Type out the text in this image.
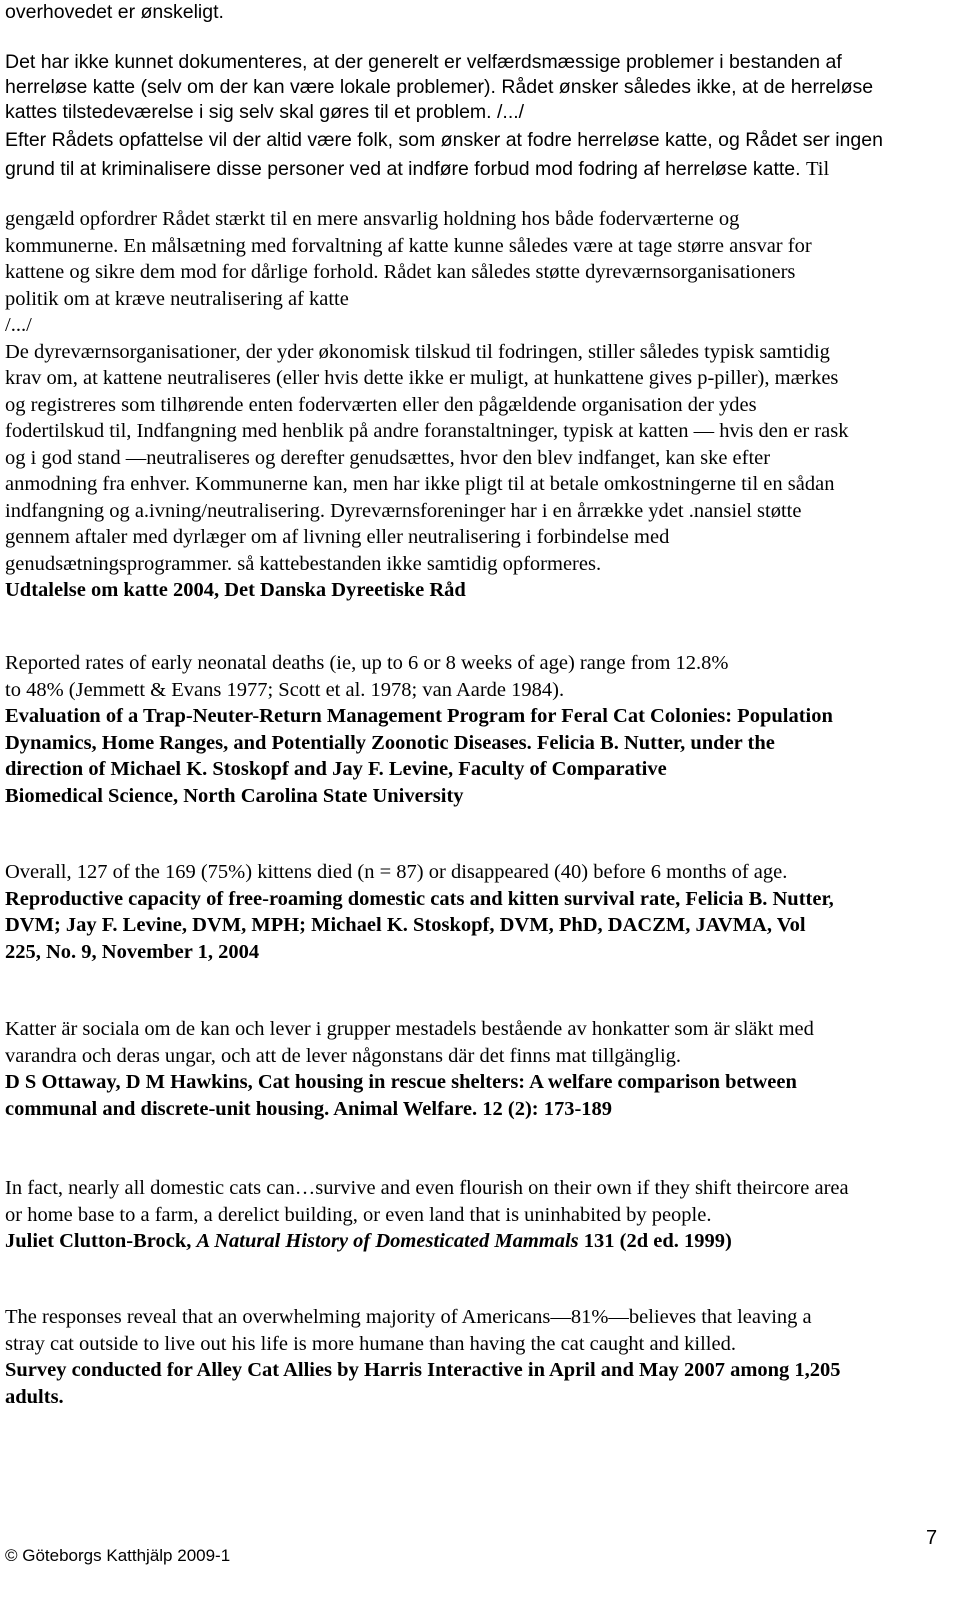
overhovedet er ønskeligt.
Det har ikke kunnet dokumenteres, at der generelt er velfærdsmæssige problemer i bestanden af
herreløse katte (selv om der kan være lokale problemer). Rådet ønsker således ikke, at de herreløse
kattes tilstedeværelse i sig selv skal gøres til et problem. /.../
Efter Rådets opfattelse vil der altid være folk, som ønsker at fodre herreløse katte, og Rådet ser ingen
grund til at kriminalisere disse personer ved at indføre forbud mod fodring af herreløse katte. Til
gengæld opfordrer Rådet stærkt til en mere ansvarlig holdning hos både foderværterne og
kommunerne. En målsætning med forvaltning af katte kunne således være at tage større ansvar for
kattene og sikre dem mod for dårlige forhold. Rådet kan således støtte dyreværnsorganisationers
politik om at kræve neutralisering af katte
/.../
De dyreværnsorganisationer, der yder økonomisk tilskud til fodringen, stiller således typisk samtidig
krav om, at kattene neutraliseres (eller hvis dette ikke er muligt, at hunkattene gives p-piller), mærkes
og registreres som tilhørende enten foderværten eller den pågældende organisation der ydes
fodertilskud til, Indfangning med henblik på andre foranstaltninger, typisk at katten — hvis den er rask
og i god stand —neutraliseres og derefter genudsættes, hvor den blev indfanget, kan ske efter
anmodning fra enhver. Kommunerne kan, men har ikke pligt til at betale omkostningerne til en sådan
indfangning og a.ivning/neutralisering. Dyreværnsforeninger har i en årrække ydet .nansiel støtte
gennem aftaler med dyrlæger om af livning eller neutralisering i forbindelse med
genudsætningsprogrammer. så kattebestanden ikke samtidig opformeres.
Udtalelse om katte 2004, Det Danska Dyreetiske Råd
Reported rates of early neonatal deaths (ie, up to 6 or 8 weeks of age) range from 12.8%
to 48% (Jemmett & Evans 1977; Scott et al. 1978; van Aarde 1984).
Evaluation of a Trap-Neuter-Return Management Program for Feral Cat Colonies: Population
Dynamics, Home Ranges, and Potentially Zoonotic Diseases. Felicia B. Nutter, under the
direction of Michael K. Stoskopf and Jay F. Levine, Faculty of Comparative
Biomedical Science, North Carolina State University
Overall, 127 of the 169 (75%) kittens died (n = 87) or disappeared (40) before 6 months of age.
Reproductive capacity of free-roaming domestic cats and kitten survival rate, Felicia B. Nutter,
DVM; Jay F. Levine, DVM, MPH; Michael K. Stoskopf, DVM, PhD, DACZM, JAVMA, Vol
225, No. 9, November 1, 2004
Katter är sociala om de kan och lever i grupper mestadels bestående av honkatter som är släkt med
varandra och deras ungar, och att de lever någonstans där det finns mat tillgänglig.
D S Ottaway, D M Hawkins, Cat housing in rescue shelters: A welfare comparison between
communal and discrete-unit housing. Animal Welfare. 12 (2): 173-189
In fact, nearly all domestic cats can…survive and even flourish on their own if they shift theircore area
or home base to a farm, a derelict building, or even land that is uninhabited by people.
Juliet Clutton-Brock, A Natural History of Domesticated Mammals 131 (2d ed. 1999)
The responses reveal that an overwhelming majority of Americans—81%—believes that leaving a
stray cat outside to live out his life is more humane than having the cat caught and killed.
Survey conducted for Alley Cat Allies by Harris Interactive in April and May 2007 among 1,205
adults.
© Göteborgs Katthjälp 2009-1
7
